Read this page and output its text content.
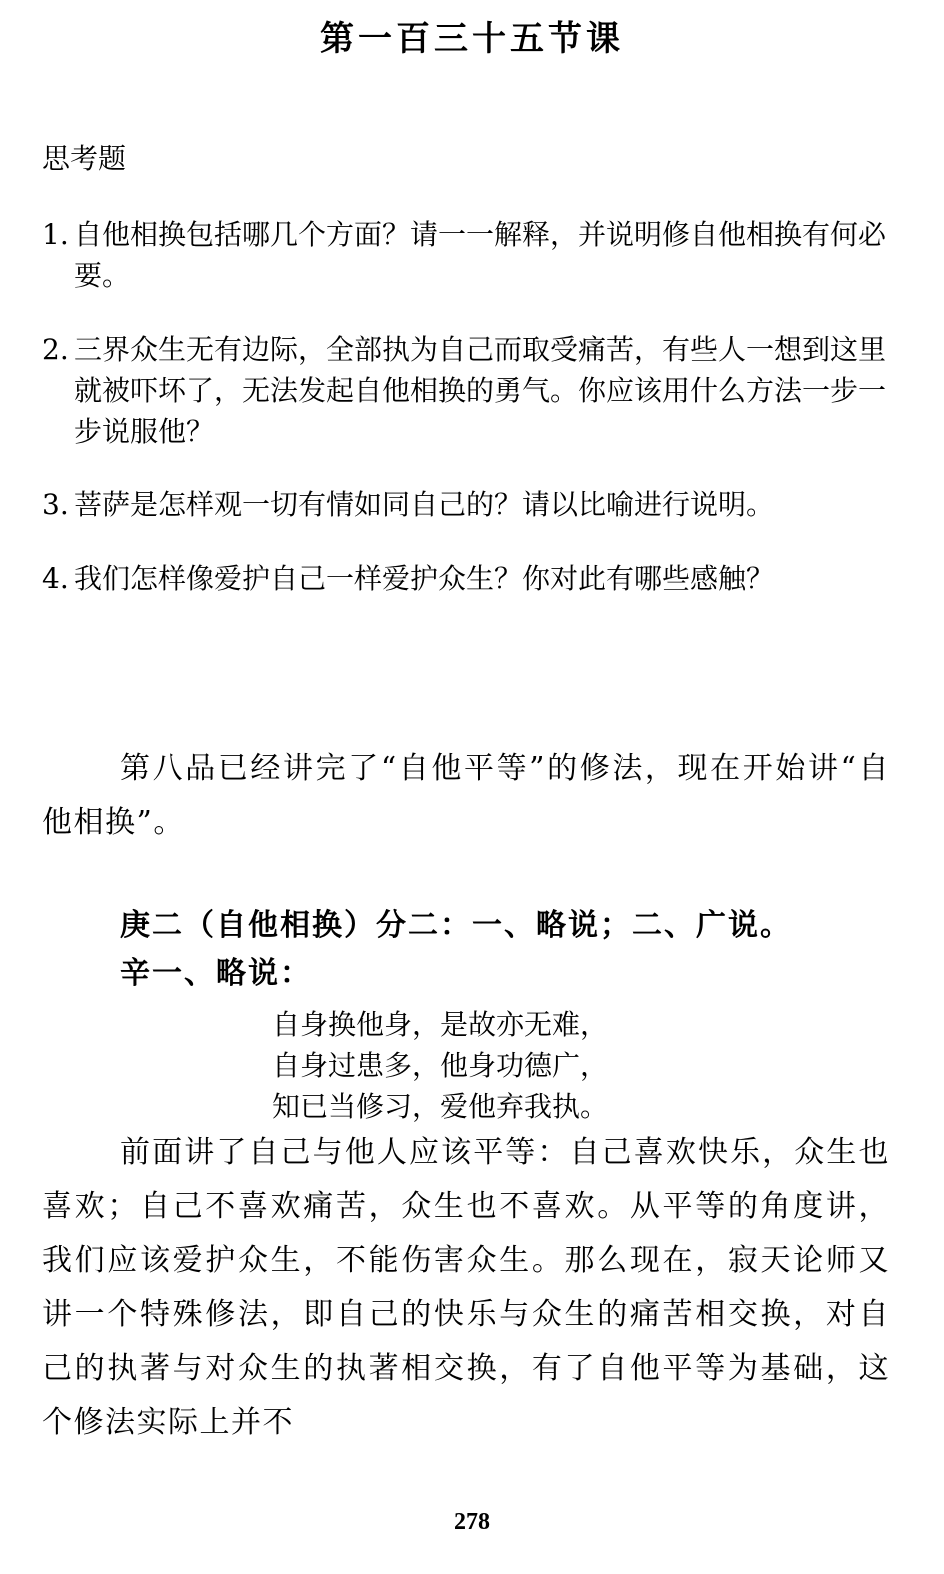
第一百三十五节课
思考题
1. 自他相换包括哪几个方面？请一一解释，并说明修自他相换有何必要。
2. 三界众生无有边际，全部执为自己而取受痛苦，有些人一想到这里就被吓坏了，无法发起自他相换的勇气。你应该用什么方法一步一步说服他？
3. 菩萨是怎样观一切有情如同自己的？请以比喻进行说明。
4. 我们怎样像爱护自己一样爱护众生？你对此有哪些感触？
第八品已经讲完了“自他平等”的修法，现在开始讲“自他相换”。
庚二（自他相换）分二：一、略说；二、广说。
辛一、略说：
自身换他身，是故亦无难，
自身过患多，他身功德广，
知已当修习，爱他弃我执。
前面讲了自己与他人应该平等：自己喜欢快乐，众生也喜欢；自己不喜欢痛苦，众生也不喜欢。从平等的角度讲，我们应该爱护众生，不能伤害众生。那么现在，寂天论师又讲一个特殊修法，即自己的快乐与众生的痛苦相交换，对自己的执著与对众生的执著相交换，有了自他平等为基础，这个修法实际上并不
278
